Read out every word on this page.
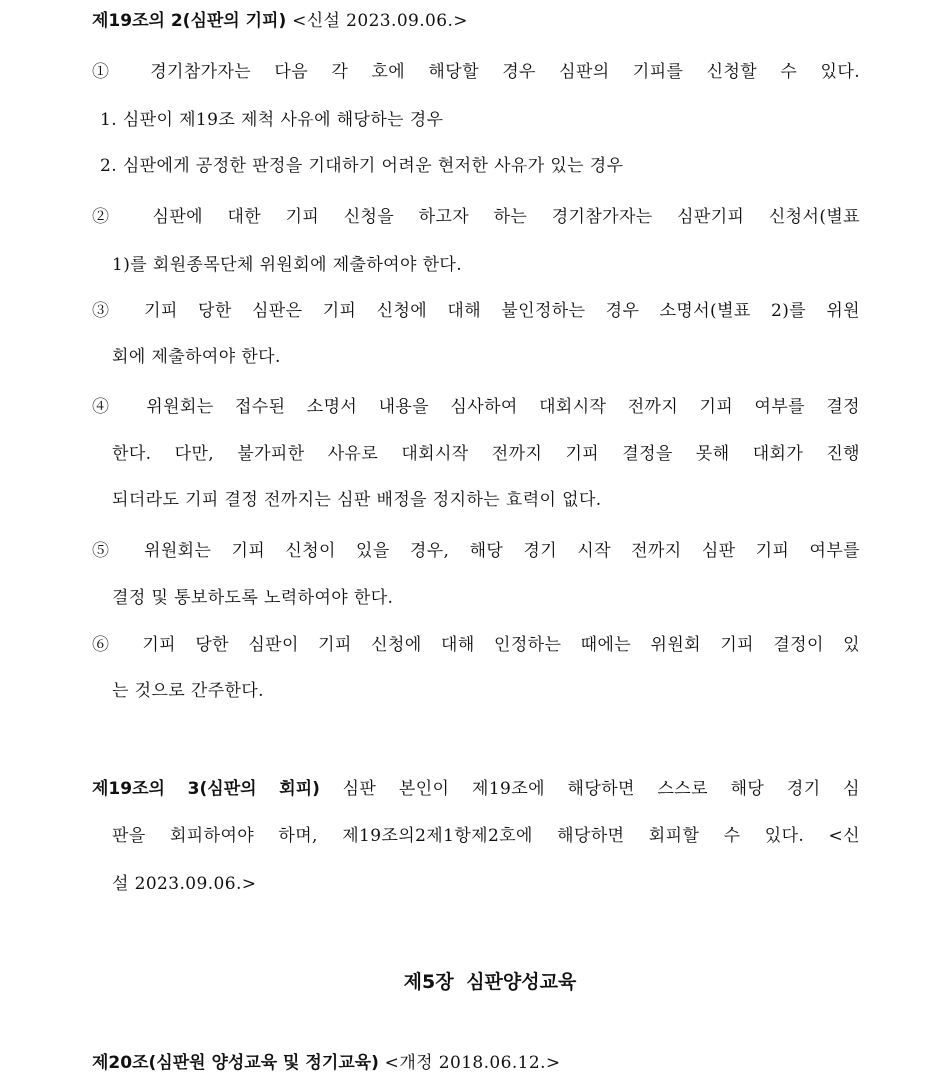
제19조의 2(심판의 기피) <신설 2023.09.06.>
① 경기참가자는 다음 각 호에 해당할 경우 심판의 기피를 신청할 수 있다.
1. 심판이 제19조 제척 사유에 해당하는 경우
2. 심판에게 공정한 판정을 기대하기 어려운 현저한 사유가 있는 경우
② 심판에 대한 기피 신청을 하고자 하는 경기참가자는 심판기피 신청서(별표
1)를 회원종목단체 위원회에 제출하여야 한다.
③ 기피 당한 심판은 기피 신청에 대해 불인정하는 경우 소명서(별표 2)를 위원
회에 제출하여야 한다.
④ 위원회는 접수된 소명서 내용을 심사하여 대회시작 전까지 기피 여부를 결정
한다. 다만, 불가피한 사유로 대회시작 전까지 기피 결정을 못해 대회가 진행
되더라도 기피 결정 전까지는 심판 배정을 정지하는 효력이 없다.
⑤ 위원회는 기피 신청이 있을 경우, 해당 경기 시작 전까지 심판 기피 여부를
결정 및 통보하도록 노력하여야 한다.
⑥ 기피 당한 심판이 기피 신청에 대해 인정하는 때에는 위원회 기피 결정이 있
는 것으로 간주한다.
제19조의 3(심판의 회피) 심판 본인이 제19조에 해당하면 스스로 해당 경기 심
판을 회피하여야 하며, 제19조의2제1항제2호에 해당하면 회피할 수 있다. <신
설 2023.09.06.>
제5장 심판양성교육
제20조(심판원 양성교육 및 정기교육) <개정 2018.06.12.>
